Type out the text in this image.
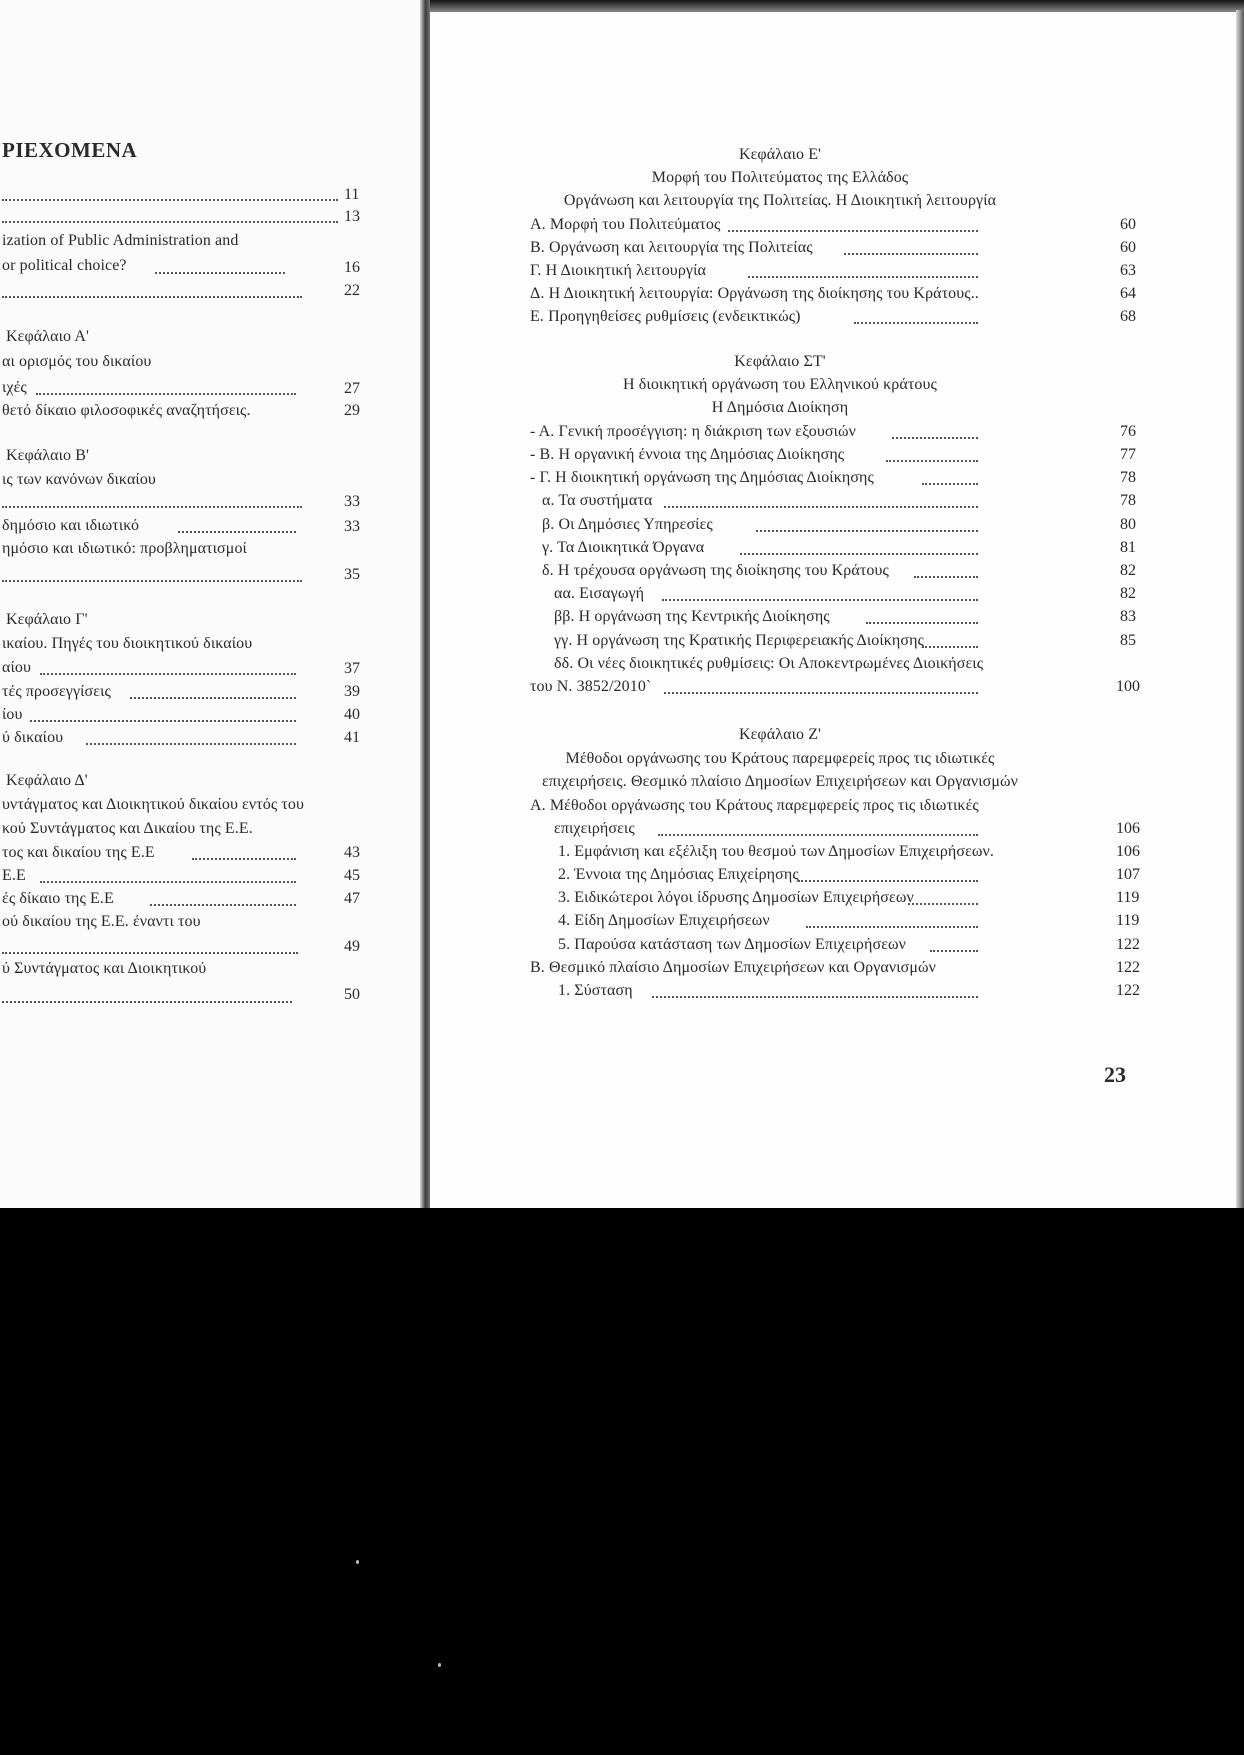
ΡΙΕΧΟΜΕΝΑ
11
13
ization of Public Administration and
or political choice?	16
22
Κεφάλαιο Α'
αι ορισμός του δικαίου
ιχές	27
θετό δίκαιο φιλοσοφικές αναζητήσεις.	29
Κεφάλαιο Β'
ις των κανόνων δικαίου
33
δημόσιο και ιδιωτικό	33
ημόσιο και ιδιωτικό: προβληματισμοί
35
Κεφάλαιο Γ'
ικαίου. Πηγές του διοικητικού δικαίου
αίου	37
τές προσεγγίσεις	39
ίου	40
ύ δικαίου	41
Κεφάλαιο Δ'
υντάγματος και Διοικητικού δικαίου εντός του
κού Συντάγματος και Δικαίου της Ε.Ε.
τος και δικαίου της Ε.Ε	43
Ε.Ε	45
ές δίκαιο της Ε.Ε	47
ού δικαίου της Ε.Ε. έναντι του
49
ύ Συντάγματος και Διοικητικού
50
Κεφάλαιο Ε'
Μορφή του Πολιτεύματος της Ελλάδος
Οργάνωση και λειτουργία της Πολιτείας. Η Διοικητική λειτουργία
Α. Μορφή του Πολιτεύματος	60
Β. Οργάνωση και λειτουργία της Πολιτείας	60
Γ. Η Διοικητική λειτουργία	63
Δ. Η Διοικητική λειτουργία: Οργάνωση της διοίκησης του Κράτους..	64
Ε. Προηγηθείσες ρυθμίσεις (ενδεικτικώς)	68
Κεφάλαιο ΣΤ'
Η διοικητική οργάνωση του Ελληνικού κράτους
Η Δημόσια Διοίκηση
- Α. Γενική προσέγγιση: η διάκριση των εξουσιών	76
- Β. Η οργανική έννοια της Δημόσιας Διοίκησης	77
- Γ. Η διοικητική οργάνωση της Δημόσιας Διοίκησης	78
α. Τα συστήματα	78
β. Οι Δημόσιες Υπηρεσίες	80
γ. Τα Διοικητικά Όργανα	81
δ. Η τρέχουσα οργάνωση της διοίκησης του Κράτους	82
αα. Εισαγωγή	82
ββ. Η οργάνωση της Κεντρικής Διοίκησης	83
γγ. Η οργάνωση της Κρατικής Περιφερειακής Διοίκησης	85
δδ. Οι νέες διοικητικές ρυθμίσεις: Οι Αποκεντρωμένες Διοικήσεις
του Ν. 3852/2010`	100
Κεφάλαιο Ζ'
Μέθοδοι οργάνωσης του Κράτους παρεμφερείς προς τις ιδιωτικές
επιχειρήσεις. Θεσμικό πλαίσιο Δημοσίων Επιχειρήσεων και Οργανισμών
Α. Μέθοδοι οργάνωσης του Κράτους παρεμφερείς προς τις ιδιωτικές
επιχειρήσεις	106
1. Εμφάνιση και εξέλιξη του θεσμού των Δημοσίων Επιχειρήσεων.	106
2. Έννοια της Δημόσιας Επιχείρησης	107
3. Ειδικώτεροι λόγοι ίδρυσης Δημοσίων Επιχειρήσεων	119
4. Είδη Δημοσίων Επιχειρήσεων	119
5. Παρούσα κατάσταση των Δημοσίων Επιχειρήσεων	122
Β. Θεσμικό πλαίσιο Δημοσίων Επιχειρήσεων και Οργανισμών	122
1. Σύσταση	122
23
